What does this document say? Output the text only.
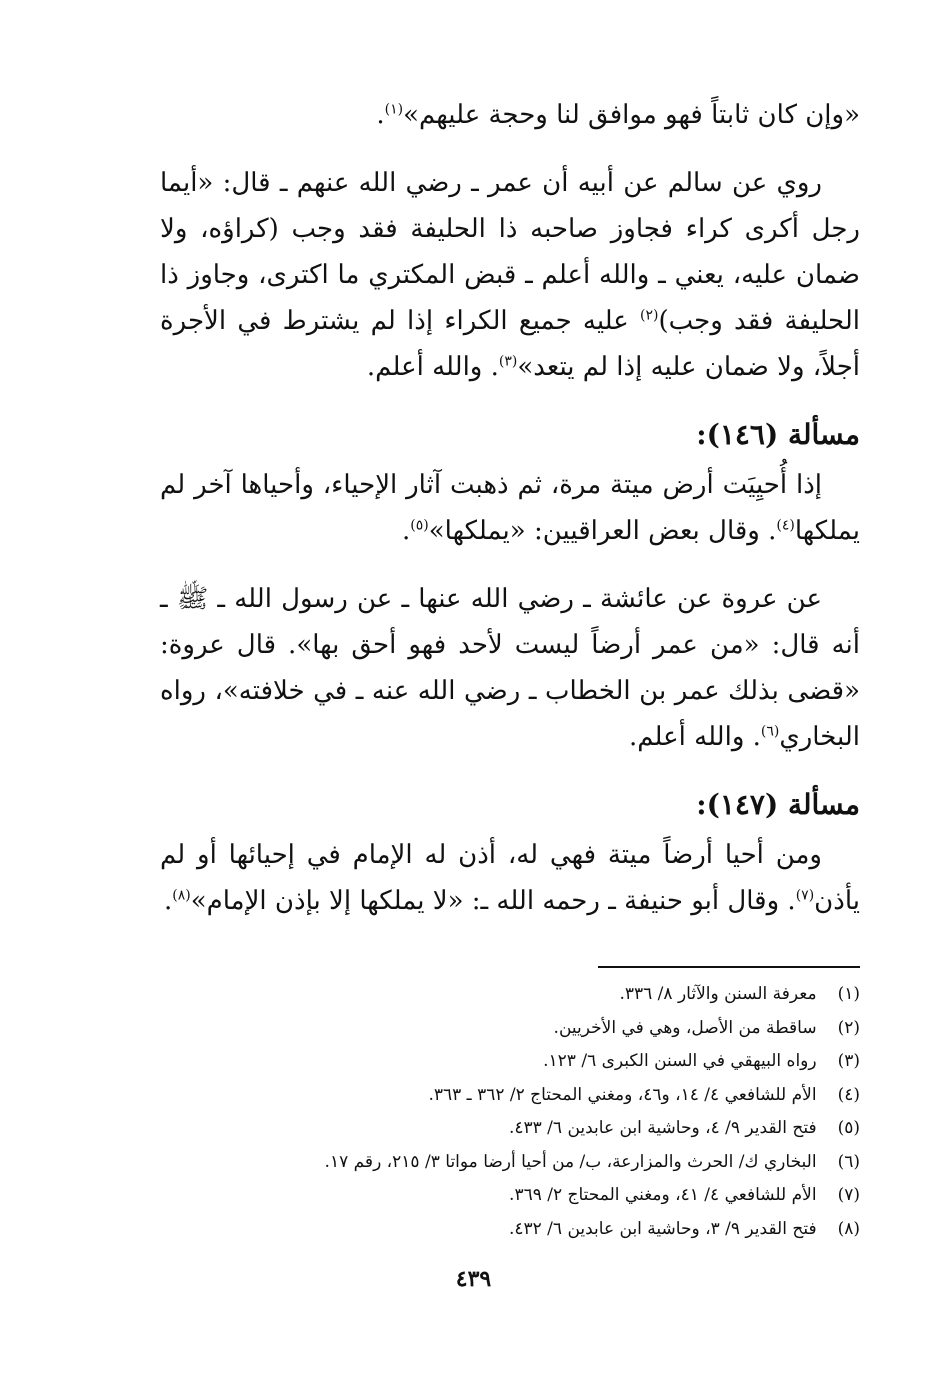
«وإن كان ثابتاً فهو موافق لنا وحجة عليهم»$^{(١)}$.

روي عن سالم عن أبيه أن عمر ـ رضي الله عنهم ـ قال: «أيما رجل أكرى كراء فجاوز صاحبه ذا الحليفة فقد وجب (كراؤه، ولا ضمان عليه، يعني ـ والله أعلم ـ قبض المكتري ما اكترى، وجاوز ذا الحليفة فقد وجب)$^{(٢)}$ عليه جميع الكراء إذا لم يشترط في الأجرة أجلاً، ولا ضمان عليه إذا لم يتعد»$^{(٣)}$. والله أعلم.

مسألة (١٤٦):

إذا أُحيِيَت أرض ميتة مرة، ثم ذهبت آثار الإحياء، وأحياها آخر لم يملكها$^{(٤)}$. وقال بعض العراقيين: «يملكها»$^{(٥)}$.

عن عروة عن عائشة ـ رضي الله عنها ـ عن رسول الله ـ ﷺ ـ أنه قال: «من عمر أرضاً ليست لأحد فهو أحق بها». قال عروة: «قضى بذلك عمر بن الخطاب ـ رضي الله عنه ـ في خلافته»، رواه البخاري$^{(٦)}$. والله أعلم.

مسألة (١٤٧):

ومن أحيا أرضاً ميتة فهي له، أذن له الإمام في إحيائها أو لم يأذن$^{(٧)}$. وقال أبو حنيفة ـ رحمه الله ـ: «لا يملكها إلا بإذن الإمام»$^{(٨)}$.

(١) معرفة السنن والآثار ٨/ ٣٣٦.
(٢) ساقطة من الأصل، وهي في الأخريين.
(٣) رواه البيهقي في السنن الكبرى ٦/ ١٢٣.
(٤) الأم للشافعي ٤/ ١٤، و٤٦، ومغني المحتاج ٢/ ٣٦٢ ـ ٣٦٣.
(٥) فتح القدير ٩/ ٤، وحاشية ابن عابدين ٦/ ٤٣٣.
(٦) البخاري ك/ الحرث والمزارعة، ب/ من أحيا أرضا مواتا ٣/ ٢١٥، رقم ١٧.
(٧) الأم للشافعي ٤/ ٤١، ومغني المحتاج ٢/ ٣٦٩.
(٨) فتح القدير ٩/ ٣، وحاشية ابن عابدين ٦/ ٤٣٢.
٤٣٩
